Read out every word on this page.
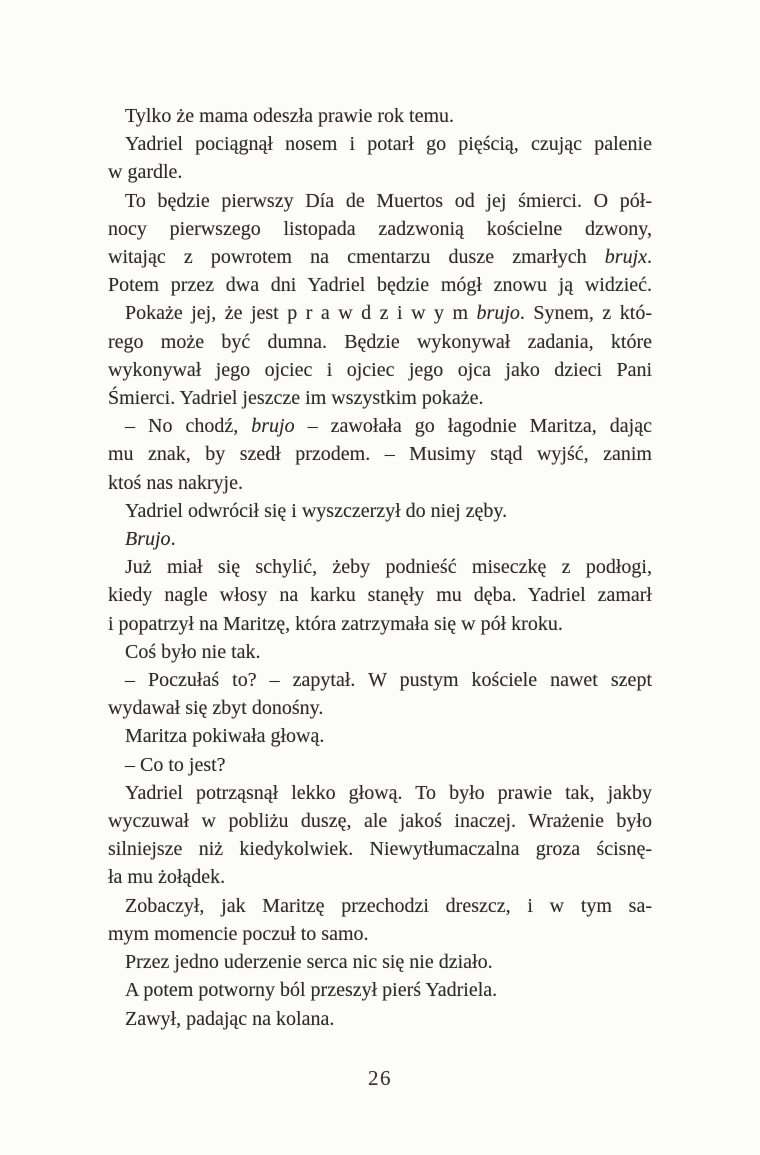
Tylko że mama odeszła prawie rok temu.
Yadriel pociągnął nosem i potarł go pięścią, czując palenie
w gardle.
To będzie pierwszy Día de Muertos od jej śmierci. O pół-
nocy pierwszego listopada zadzwonią kościelne dzwony,
witając z powrotem na cmentarzu dusze zmarłych brujx.
Potem przez dwa dni Yadriel będzie mógł znowu ją widzieć.
Pokaże jej, że jest p r a w d z i w y m brujo. Synem, z któ-
rego może być dumna. Będzie wykonywał zadania, które
wykonywał jego ojciec i ojciec jego ojca jako dzieci Pani
Śmierci. Yadriel jeszcze im wszystkim pokaże.
– No chodź, brujo – zawołała go łagodnie Maritza, dając
mu znak, by szedł przodem. – Musimy stąd wyjść, zanim
ktoś nas nakryje.
Yadriel odwrócił się i wyszczerzył do niej zęby.
Brujo.
Już miał się schylić, żeby podnieść miseczkę z podłogi,
kiedy nagle włosy na karku stanęły mu dęba. Yadriel zamarł
i popatrzył na Maritzę, która zatrzymała się w pół kroku.
Coś było nie tak.
– Poczułaś to? – zapytał. W pustym kościele nawet szept
wydawał się zbyt donośny.
Maritza pokiwała głową.
– Co to jest?
Yadriel potrząsnął lekko głową. To było prawie tak, jakby
wyczuwał w pobliżu duszę, ale jakoś inaczej. Wrażenie było
silniejsze niż kiedykolwiek. Niewytłumaczalna groza ścisnę-
ła mu żołądek.
Zobaczył, jak Maritzę przechodzi dreszcz, i w tym sa-
mym momencie poczuł to samo.
Przez jedno uderzenie serca nic się nie działo.
A potem potworny ból przeszył pierś Yadriela.
Zawył, padając na kolana.
26
